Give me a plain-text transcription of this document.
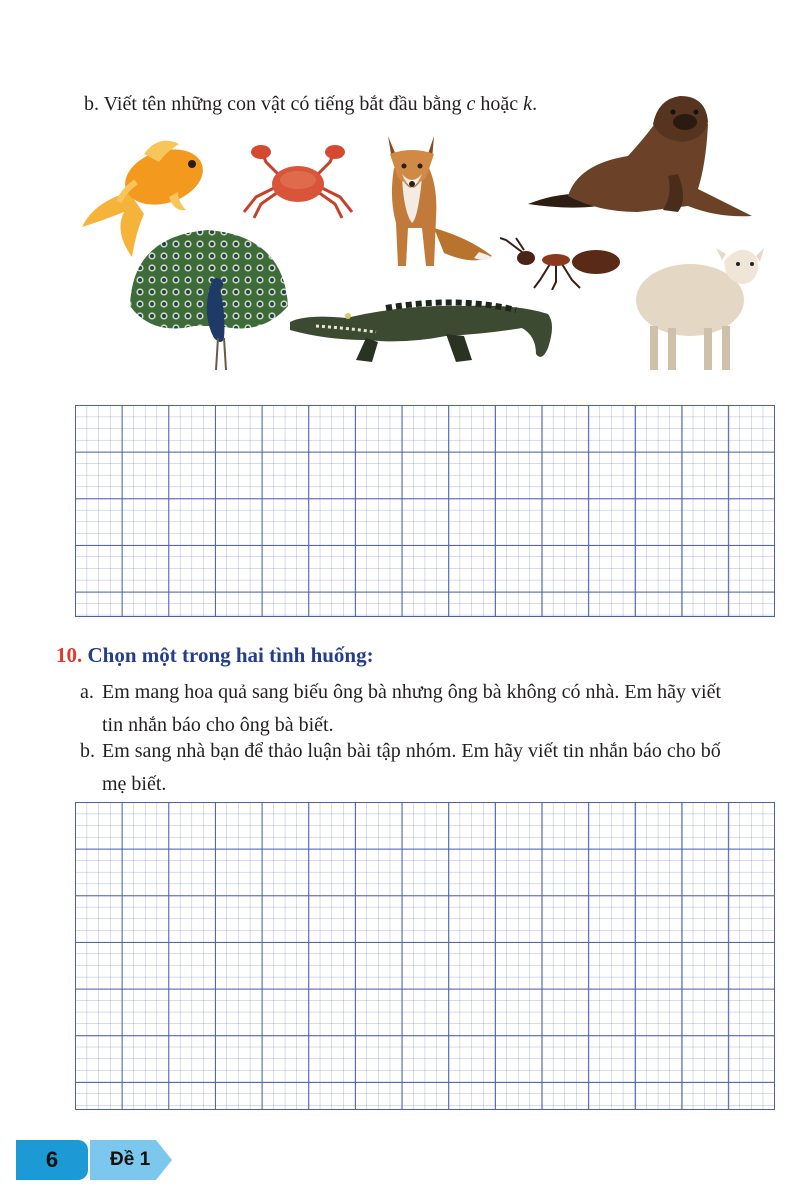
b. Viết tên những con vật có tiếng bắt đầu bằng c hoặc k.

10. Chọn một trong hai tình huống:

a. Em mang hoa quả sang biếu ông bà nhưng ông bà không có nhà. Em hãy viết
tin nhắn báo cho ông bà biết.

b. Em sang nhà bạn để thảo luận bài tập nhóm. Em hãy viết tin nhắn báo cho bố
mẹ biết.

6	Đề 1
